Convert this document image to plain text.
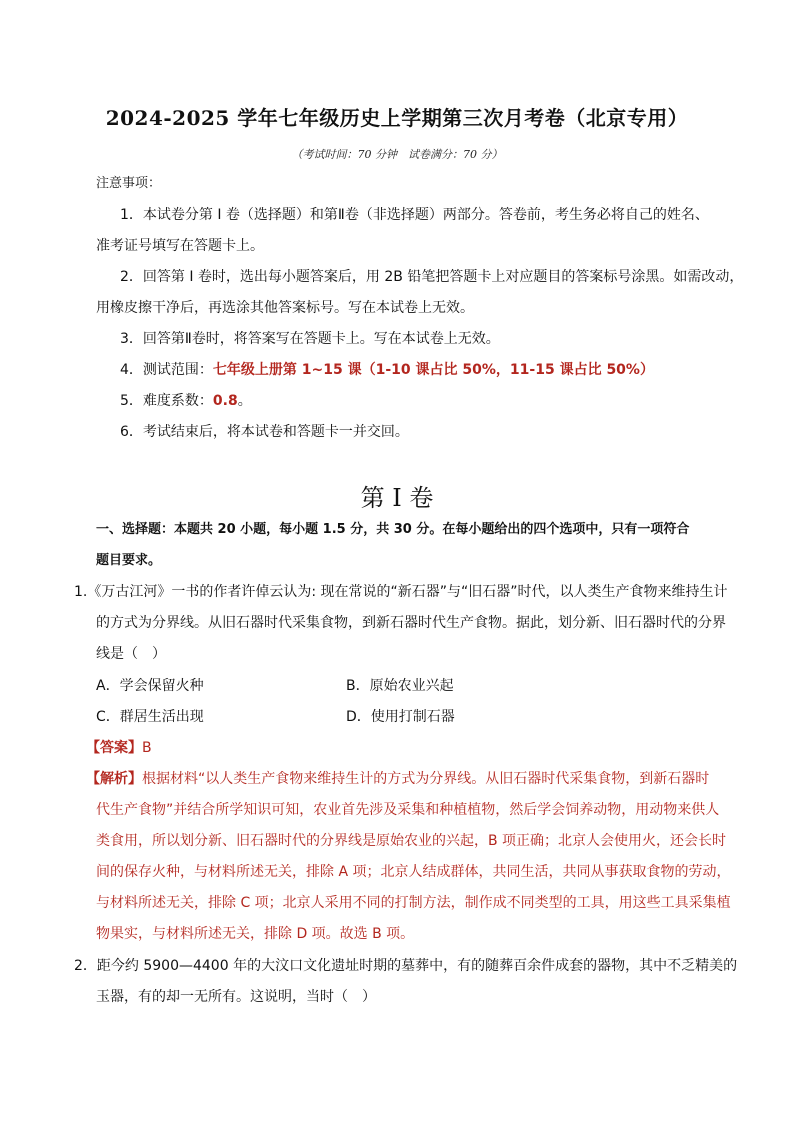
2024-2025 学年七年级历史上学期第三次月考卷（北京专用）
（考试时间：70 分钟　试卷满分：70 分）
注意事项：
1．本试卷分第 I 卷（选择题）和第Ⅱ卷（非选择题）两部分。答卷前，考生务必将自己的姓名、
准考证号填写在答题卡上。
2．回答第 I 卷时，选出每小题答案后，用 2B 铅笔把答题卡上对应题目的答案标号涂黑。如需改动，
用橡皮擦干净后，再选涂其他答案标号。写在本试卷上无效。
3．回答第Ⅱ卷时，将答案写在答题卡上。写在本试卷上无效。
4．测试范围：七年级上册第 1~15 课（1-10 课占比 50%，11-15 课占比 50%）
5．难度系数：0.8。
6．考试结束后，将本试卷和答题卡一并交回。
第 I 卷
一、选择题：本题共 20 小题，每小题 1.5 分，共 30 分。在每小题给出的四个选项中，只有一项符合
题目要求。
1.《万古江河》一书的作者许倬云认为: 现在常说的“新石器”与“旧石器”时代，以人类生产食物来维持生计
的方式为分界线。从旧石器时代采集食物，到新石器时代生产食物。据此，划分新、旧石器时代的分界
线是（　）
A．学会保留火种	B．原始农业兴起
C．群居生活出现	D．使用打制石器
【答案】B
【解析】根据材料“以人类生产食物来维持生计的方式为分界线。从旧石器时代采集食物，到新石器时
代生产食物”并结合所学知识可知，农业首先涉及采集和种植植物，然后学会饲养动物，用动物来供人
类食用，所以划分新、旧石器时代的分界线是原始农业的兴起，B 项正确；北京人会使用火，还会长时
间的保存火种，与材料所述无关，排除 A 项；北京人结成群体，共同生活，共同从事获取食物的劳动，
与材料所述无关，排除 C 项；北京人采用不同的打制方法，制作成不同类型的工具，用这些工具采集植
物果实，与材料所述无关，排除 D 项。故选 B 项。
2．距今约 5900—4400 年的大汶口文化遗址时期的墓葬中，有的随葬百余件成套的器物，其中不乏精美的
玉器，有的却一无所有。这说明，当时（　）
